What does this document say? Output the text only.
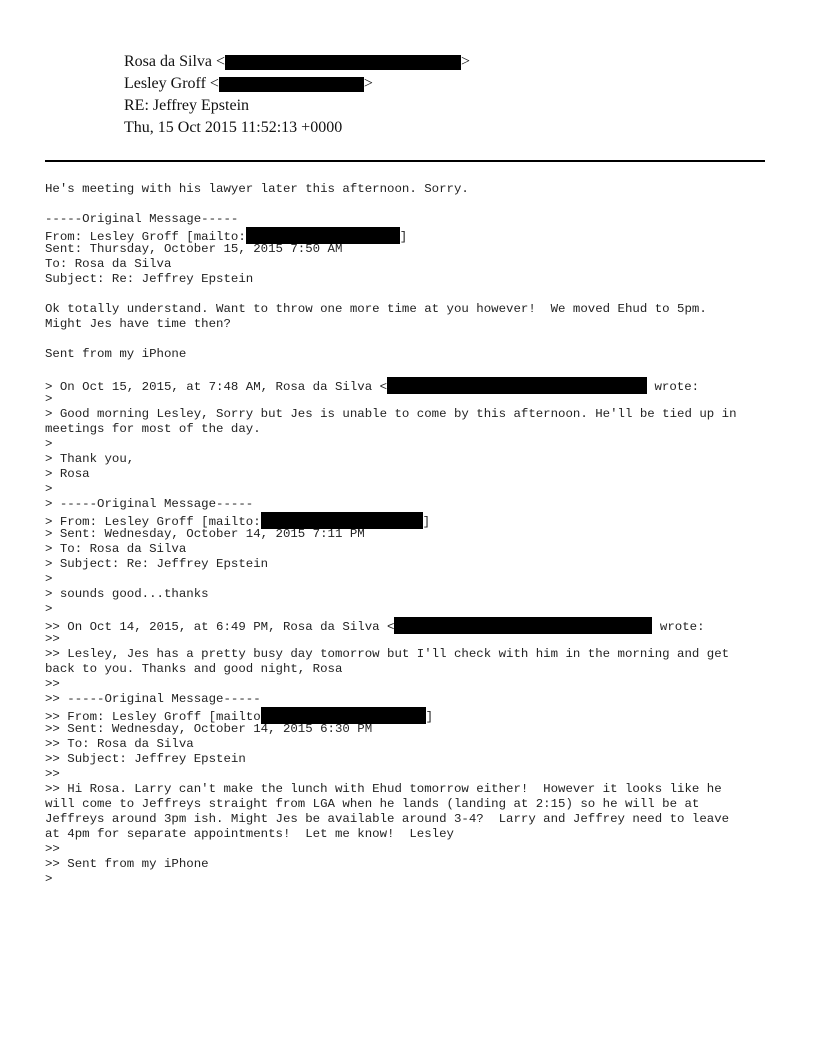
Rosa da Silva <	>
Lesley Groff <	>
RE: Jeffrey Epstein
Thu, 15 Oct 2015 11:52:13 +0000
He's meeting with his lawyer later this afternoon. Sorry.
-----Original Message-----
From: Lesley Groff [mailto:	]
Sent: Thursday, October 15, 2015 7:50 AM
To: Rosa da Silva
Subject: Re: Jeffrey Epstein
Ok totally understand. Want to throw one more time at you however!  We moved Ehud to 5pm.
Might Jes have time then?
Sent from my iPhone
> On Oct 15, 2015, at 7:48 AM, Rosa da Silva <	wrote:
>
> Good morning Lesley, Sorry but Jes is unable to come by this afternoon. He'll be tied up in
meetings for most of the day.
>
> Thank you,
> Rosa
>
> -----Original Message-----
> From: Lesley Groff [mailto:	]
> Sent: Wednesday, October 14, 2015 7:11 PM
> To: Rosa da Silva
> Subject: Re: Jeffrey Epstein
>
> sounds good...thanks
>
>> On Oct 14, 2015, at 6:49 PM, Rosa da Silva <	wrote:
>>
>> Lesley, Jes has a pretty busy day tomorrow but I'll check with him in the morning and get
back to you. Thanks and good night, Rosa
>>
>> -----Original Message-----
>> From: Lesley Groff [mailto	]
>> Sent: Wednesday, October 14, 2015 6:30 PM
>> To: Rosa da Silva
>> Subject: Jeffrey Epstein
>>
>> Hi Rosa. Larry can't make the lunch with Ehud tomorrow either!  However it looks like he
will come to Jeffreys straight from LGA when he lands (landing at 2:15) so he will be at
Jeffreys around 3pm ish. Might Jes be available around 3-4?  Larry and Jeffrey need to leave
at 4pm for separate appointments!  Let me know!  Lesley
>>
>> Sent from my iPhone
>
